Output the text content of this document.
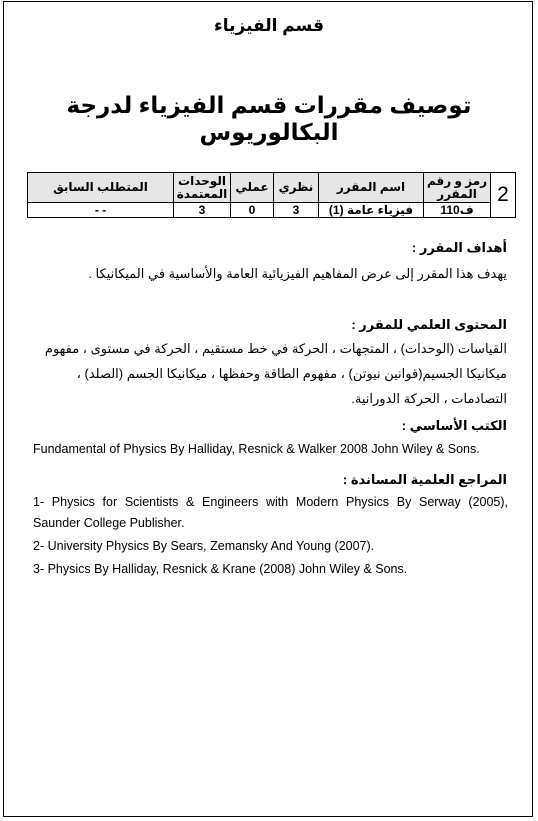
قسم الفيزياء
توصيف مقررات قسم الفيزياء لدرجة البكالوريوس
2	رمز و رقم المقرر	اسم المقرر	نظري	عملي	الوحدات المعتمدة	المتطلب السابق
	ف110	فيزياء عامة (1)	3	0	3	- -
أهداف المقرر :
يهدف هذا المقرر إلى عرض المفاهيم الفيزيائية العامة والأساسية في الميكانيكا .
المحتوى العلمي للمقرر :
القياسات (الوحدات) ، المتجهات ، الحركة في خط مستقيم ، الحركة في مستوى ، مفهوم ميكانيكا الجسيم(قوانين نيوتن) ، مفهوم الطاقة وحفظها ، ميكانيكا الجسم (الصلد) ، التصادمات ، الحركة الدورانية.
الكتب الأساسي :
Fundamental of Physics By Halliday, Resnick & Walker 2008 John Wiley & Sons.
المراجع العلمية المساندة :
1- Physics for Scientists & Engineers with Modern Physics By Serway (2005), Saunder College Publisher.
2- University Physics By Sears, Zemansky And Young (2007).
3- Physics By Halliday, Resnick & Krane (2008) John Wiley & Sons.
